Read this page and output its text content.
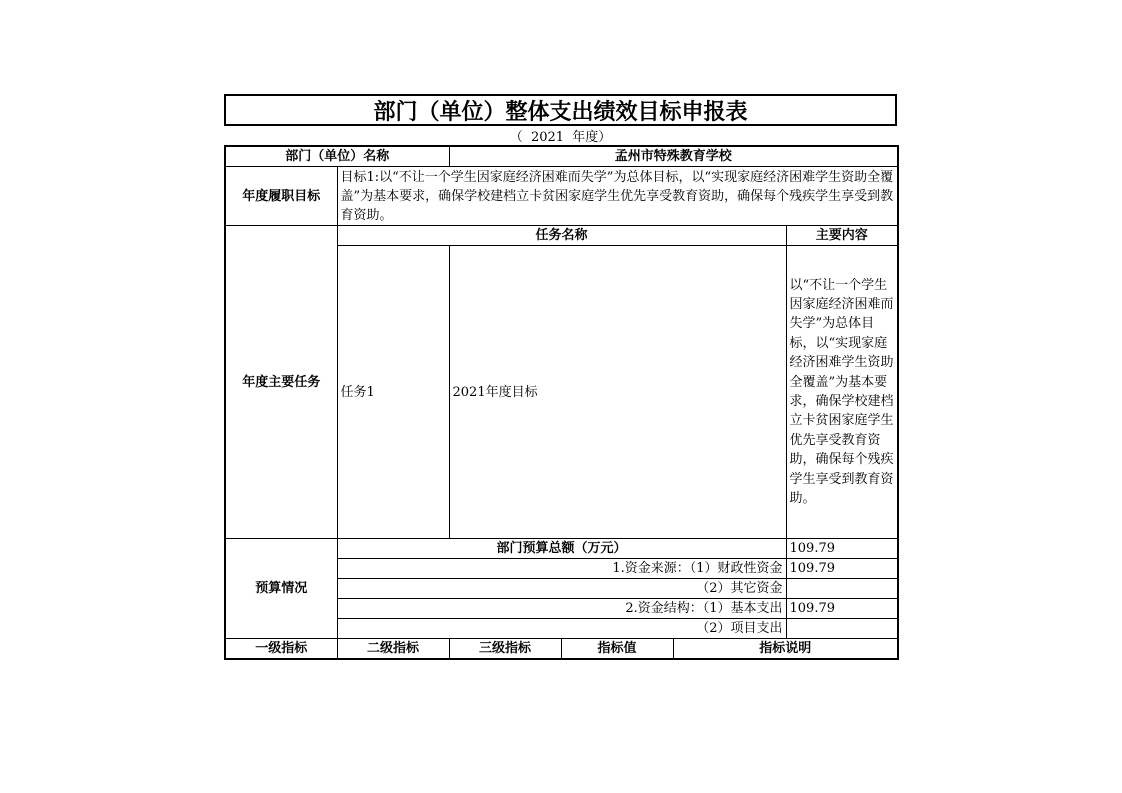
部门（单位）整体支出绩效目标申报表
（  2021  年度）
部门（单位）名称		孟州市特殊教育学校			
年度履职目标	目标1:以“不让一个学生因家庭经济困难而失学”为总体目标，以“实现家庭经济困难学生资助全覆盖”为基本要求，确保学校建档立卡贫困家庭学生优先享受教育资助，确保每个残疾学生享受到教育资助。				
年度主要任务	任务名称				主要内容
	任务1	2021年度目标			以“不让一个学生因家庭经济困难而失学”为总体目标，以“实现家庭经济困难学生资助全覆盖”为基本要求，确保学校建档立卡贫困家庭学生优先享受教育资助，确保每个残疾学生享受到教育资助。
预算情况	部门预算总额（万元）				109.79
	1.资金来源：（1）财政性资金				109.79
	（2）其它资金				
	2.资金结构：（1）基本支出				109.79
	（2）项目支出				
一级指标	二级指标	三级指标	指标值	指标说明	
